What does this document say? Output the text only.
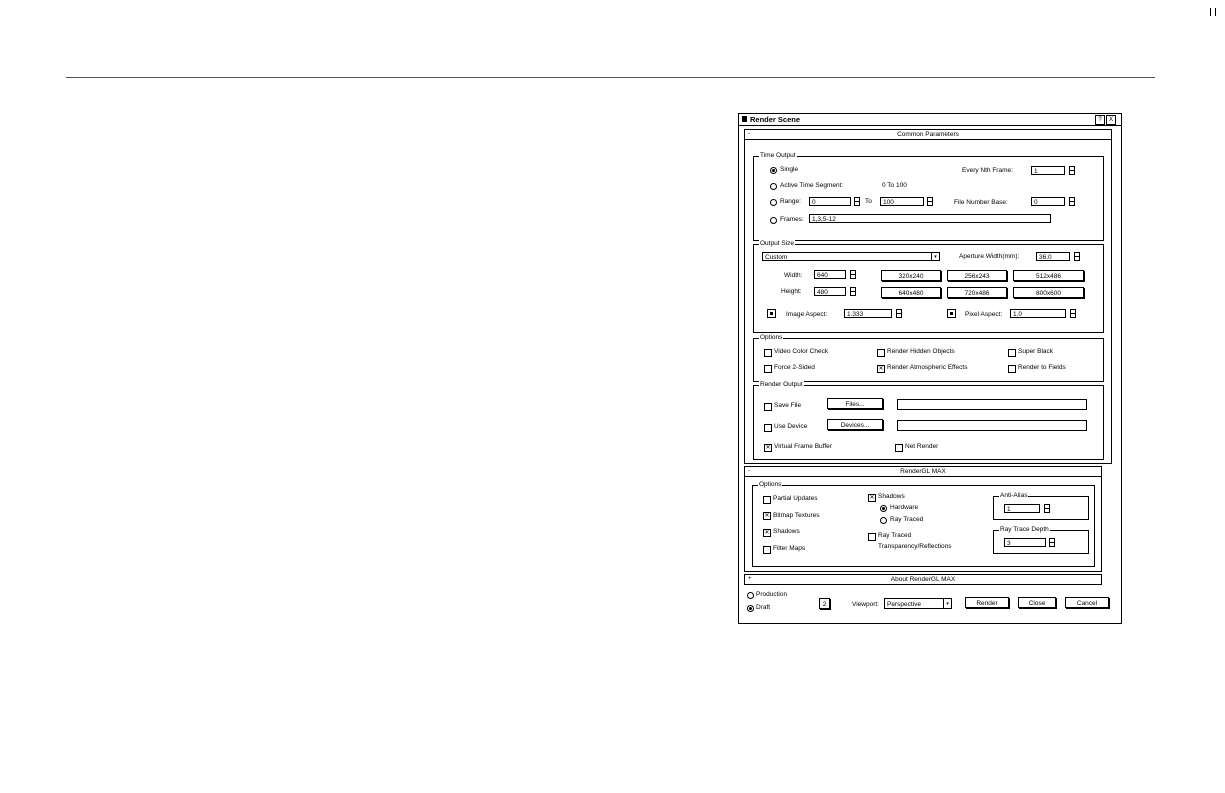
Render Scene	?	X
-	Common Parameters
Time Output
Single	Every Nth Frame:	1
Active Time Segment:	0 To 100
Range:	0	To	100	File Number Base:	0
Frames:	1,3,5-12
Output Size
Custom	▾	Aperture Width(mm):	36.0
Width:	640
Height:	480
320x240	256x243	512x486
640x480	720x486	800x600
Image Aspect:	1.333	Pixel Aspect:	1.0
Options
Video Color Check	Render Hidden Objects	Super Black
Force 2-Sided	✕ Render Atmospheric Effects	Render to Fields
Render Output
Save File	Files...
Use Device	Devices...
✕ Virtual Frame Buffer	Net Render
-	RenderGL MAX
Options
Partial Updates
✕ Bitmap Textures
✕ Shadows
Filter Maps
✕ Shadows
Hardware
Ray Traced
Ray Traced
Transparency/Reflections
Anti-Alias
1
Ray Trace Depth
3
+	About RenderGL MAX
Production
Draft	2	Viewport:	Perspective	▾	Render	Close	Cancel
